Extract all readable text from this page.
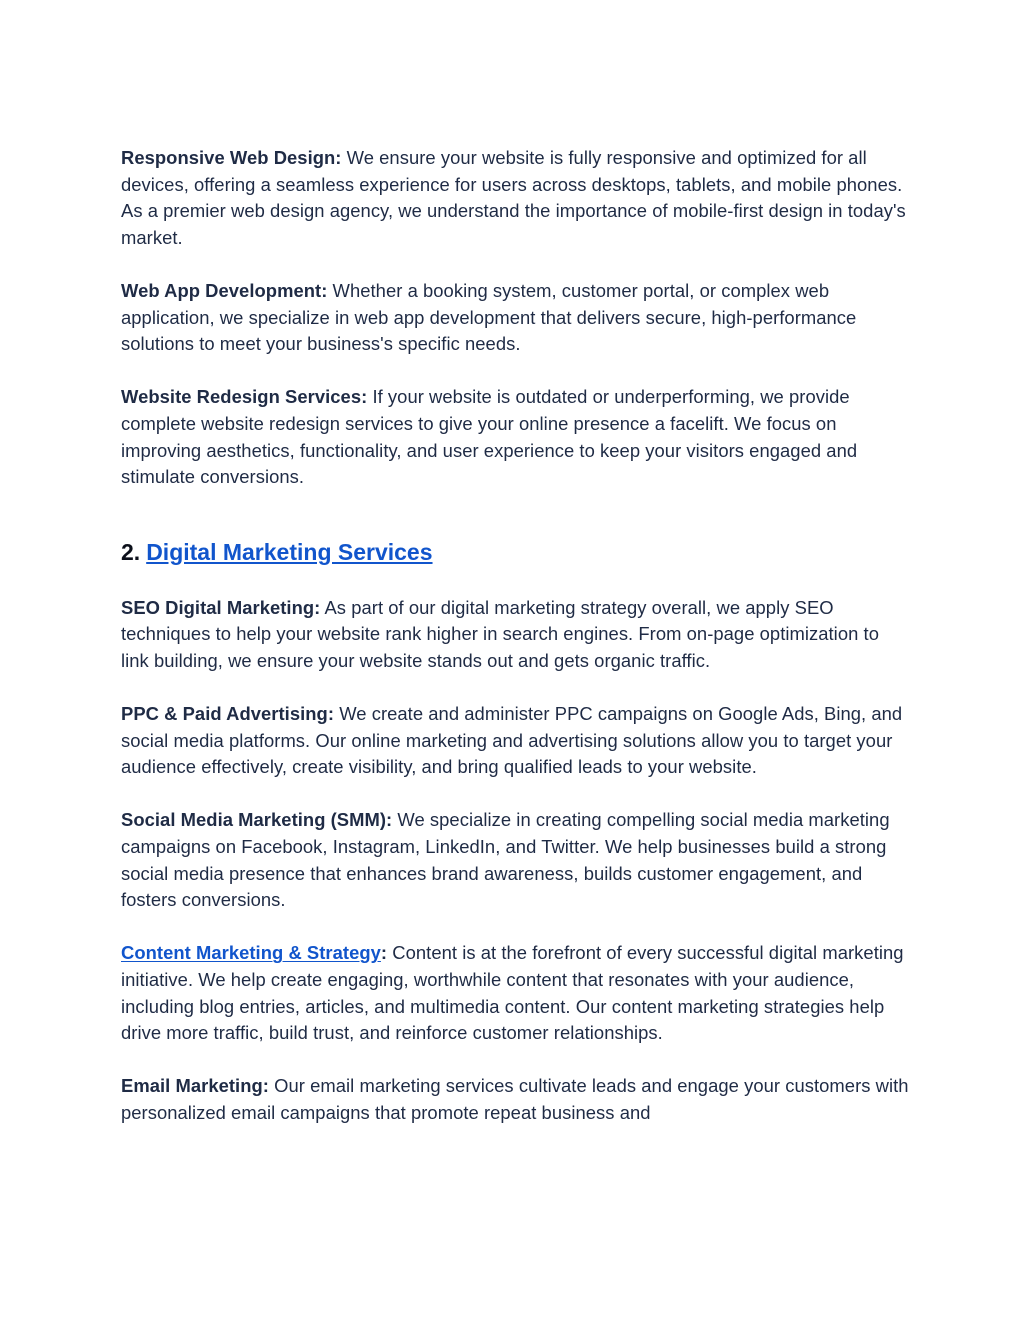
Responsive Web Design: We ensure your website is fully responsive and optimized for all devices, offering a seamless experience for users across desktops, tablets, and mobile phones. As a premier web design agency, we understand the importance of mobile-first design in today's market.

Web App Development: Whether a booking system, customer portal, or complex web application, we specialize in web app development that delivers secure, high-performance solutions to meet your business's specific needs.

Website Redesign Services: If your website is outdated or underperforming, we provide complete website redesign services to give your online presence a facelift. We focus on improving aesthetics, functionality, and user experience to keep your visitors engaged and stimulate conversions.

2. Digital Marketing Services

SEO Digital Marketing: As part of our digital marketing strategy overall, we apply SEO techniques to help your website rank higher in search engines. From on-page optimization to link building, we ensure your website stands out and gets organic traffic.

PPC & Paid Advertising: We create and administer PPC campaigns on Google Ads, Bing, and social media platforms. Our online marketing and advertising solutions allow you to target your audience effectively, create visibility, and bring qualified leads to your website.

Social Media Marketing (SMM): We specialize in creating compelling social media marketing campaigns on Facebook, Instagram, LinkedIn, and Twitter. We help businesses build a strong social media presence that enhances brand awareness, builds customer engagement, and fosters conversions.

Content Marketing & Strategy: Content is at the forefront of every successful digital marketing initiative. We help create engaging, worthwhile content that resonates with your audience, including blog entries, articles, and multimedia content. Our content marketing strategies help drive more traffic, build trust, and reinforce customer relationships.

Email Marketing: Our email marketing services cultivate leads and engage your customers with personalized email campaigns that promote repeat business and
